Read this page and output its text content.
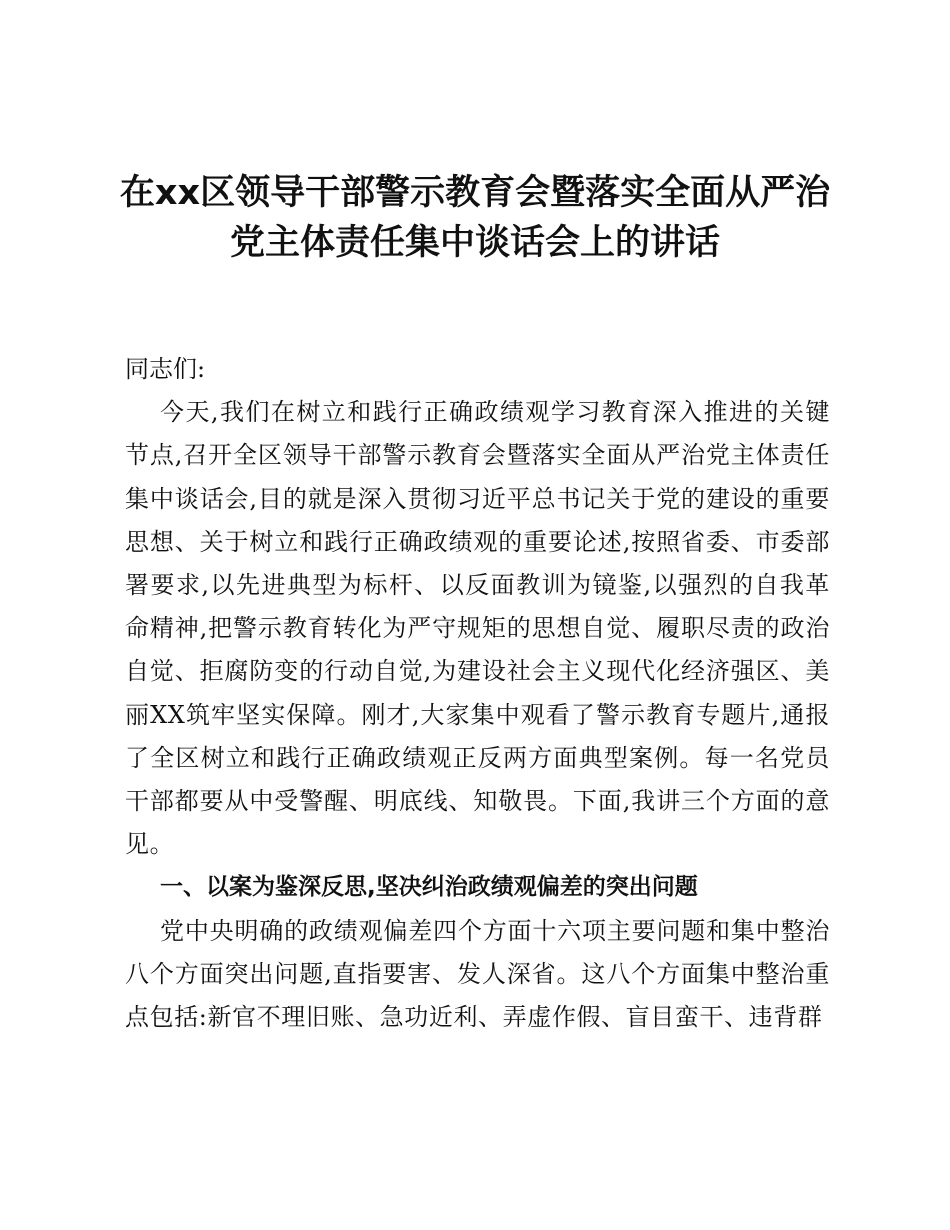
在xx区领导干部警示教育会暨落实全面从严治
党主体责任集中谈话会上的讲话

同志们:

今天,我们在树立和践行正确政绩观学习教育深入推进的关键节点,召开全区领导干部警示教育会暨落实全面从严治党主体责任集中谈话会,目的就是深入贯彻习近平总书记关于党的建设的重要思想、关于树立和践行正确政绩观的重要论述,按照省委、市委部署要求,以先进典型为标杆、以反面教训为镜鉴,以强烈的自我革命精神,把警示教育转化为严守规矩的思想自觉、履职尽责的政治自觉、拒腐防变的行动自觉,为建设社会主义现代化经济强区、美丽XX筑牢坚实保障。刚才,大家集中观看了警示教育专题片,通报了全区树立和践行正确政绩观正反两方面典型案例。每一名党员干部都要从中受警醒、明底线、知敬畏。下面,我讲三个方面的意见。

一、以案为鉴深反思,坚决纠治政绩观偏差的突出问题

党中央明确的政绩观偏差四个方面十六项主要问题和集中整治八个方面突出问题,直指要害、发人深省。这八个方面集中整治重点包括:新官不理旧账、急功近利、弄虚作假、盲目蛮干、违背群
